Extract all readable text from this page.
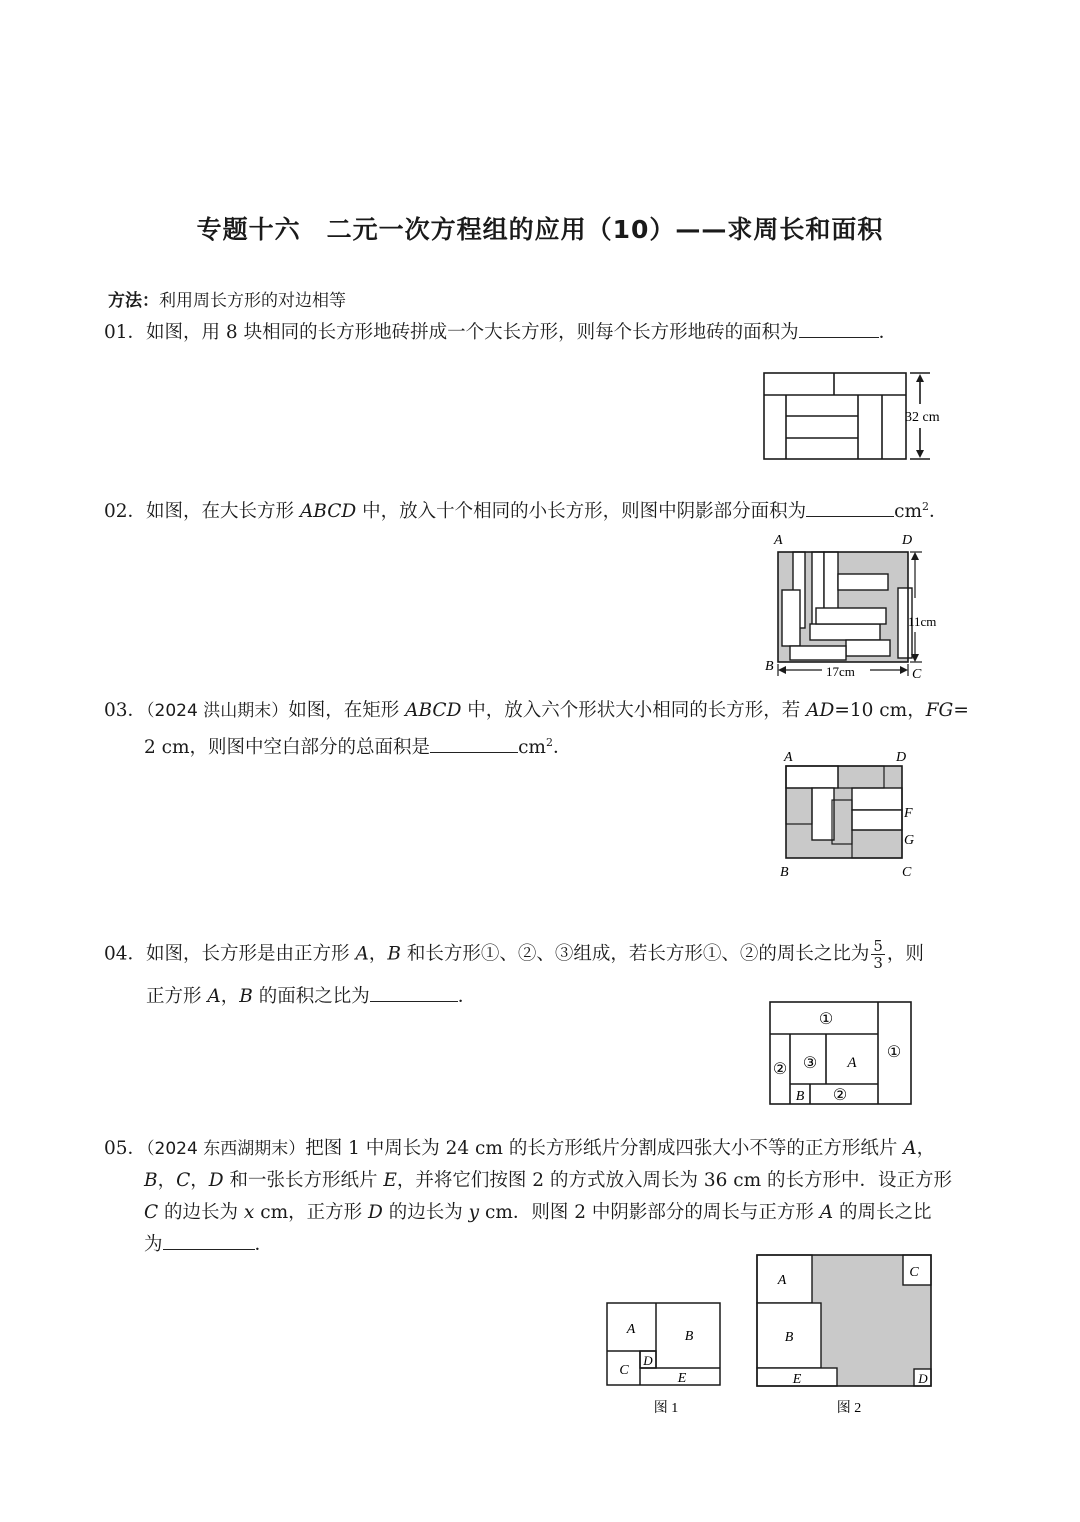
专题十六　二元一次方程组的应用（10）——求周长和面积
方法：利用周长方形的对边相等
01．如图，用 8 块相同的长方形地砖拼成一个大长方形，则每个长方形地砖的面积为	．
32 cm
02．如图，在大长方形 ABCD 中，放入十个相同的小长方形，则图中阴影部分面积为	$cm^2$．
A	D
B
C
11cm
17cm
03．（2024 洪山期末）如图，在矩形 ABCD 中，放入六个形状大小相同的长方形，若 AD=10 cm，FG=
2 cm，则图中空白部分的总面积是	$cm^2$．	A	D
B	C
F
G
04．如图，长方形是由正方形 A，B 和长方形①、②、③组成，若长方形①、②的周长之比为 $\frac{5}{3}$ ，则
正方形 A，B 的面积之比为	．
①
①
②
②
③ A
B
05．（2024 东西湖期末）把图 1 中周长为 24 cm 的长方形纸片分割成四张大小不等的正方形纸片 A，
B，C，D 和一张长方形纸片 E，并将它们按图 2 的方式放入周长为 36 cm 的长方形中．设正方形
C 的边长为 x cm，正方形 D 的边长为 y cm．则图 2 中阴影部分的周长与正方形 A 的周长之比
为	．
A	B
C
D
E
图 1
A
B
C
D
E
图 2
